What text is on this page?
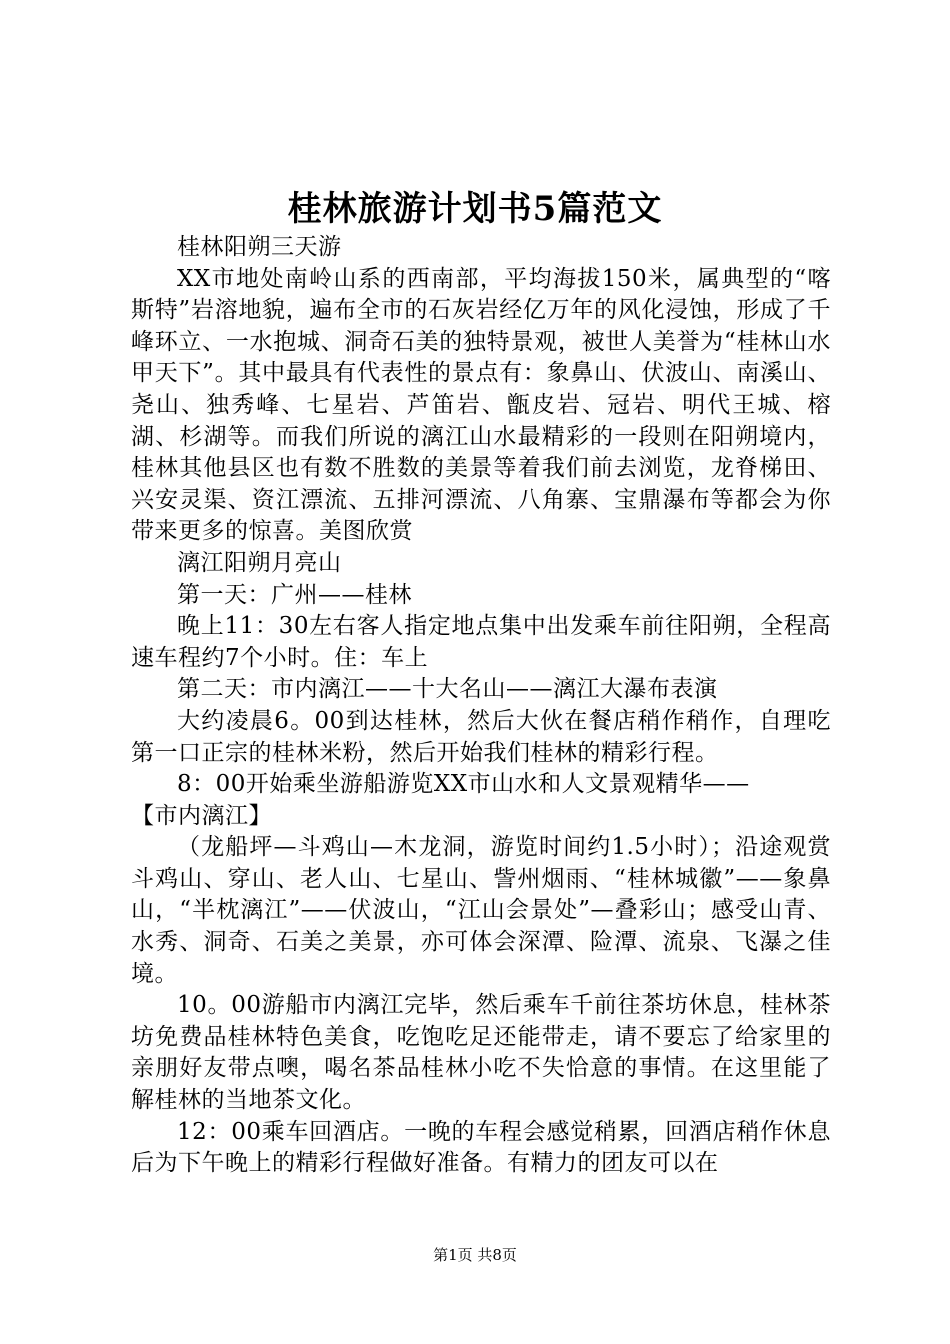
桂林旅游计划书5篇范文

桂林阳朔三天游

XX市地处南岭山系的西南部，平均海拔150米，属典型的“喀斯特”岩溶地貌，遍布全市的石灰岩经亿万年的风化浸蚀，形成了千峰环立、一水抱城、洞奇石美的独特景观，被世人美誉为“桂林山水甲天下”。其中最具有代表性的景点有：象鼻山、伏波山、南溪山、尧山、独秀峰、七星岩、芦笛岩、甑皮岩、冠岩、明代王城、榕湖、杉湖等。而我们所说的漓江山水最精彩的一段则在阳朔境内，桂林其他县区也有数不胜数的美景等着我们前去浏览，龙脊梯田、兴安灵渠、资江漂流、五排河漂流、八角寨、宝鼎瀑布等都会为你带来更多的惊喜。美图欣赏

漓江阳朔月亮山

第一天：广州——桂林

晚上11：30左右客人指定地点集中出发乘车前往阳朔，全程高速车程约7个小时。住：车上

第二天：市内漓江——十大名山——漓江大瀑布表演

大约凌晨6。00到达桂林，然后大伙在餐店稍作稍作，自理吃第一口正宗的桂林米粉，然后开始我们桂林的精彩行程。

8：00开始乘坐游船游览XX市山水和人文景观精华——

【市内漓江】

（龙船坪—斗鸡山—木龙洞，游览时间约1.5小时）；沿途观赏斗鸡山、穿山、老人山、七星山、訾州烟雨、“桂林城徽”——象鼻山，“半枕漓江”——伏波山，“江山会景处”—叠彩山；感受山青、水秀、洞奇、石美之美景，亦可体会深潭、险潭、流泉、飞瀑之佳境。

10。00游船市内漓江完毕，然后乘车千前往茶坊休息，桂林茶坊免费品桂林特色美食，吃饱吃足还能带走，请不要忘了给家里的亲朋好友带点噢，喝名茶品桂林小吃不失恰意的事情。在这里能了解桂林的当地茶文化。

12：00乘车回酒店。一晚的车程会感觉稍累，回酒店稍作休息后为下午晚上的精彩行程做好准备。有精力的团友可以在

第1页 共8页
